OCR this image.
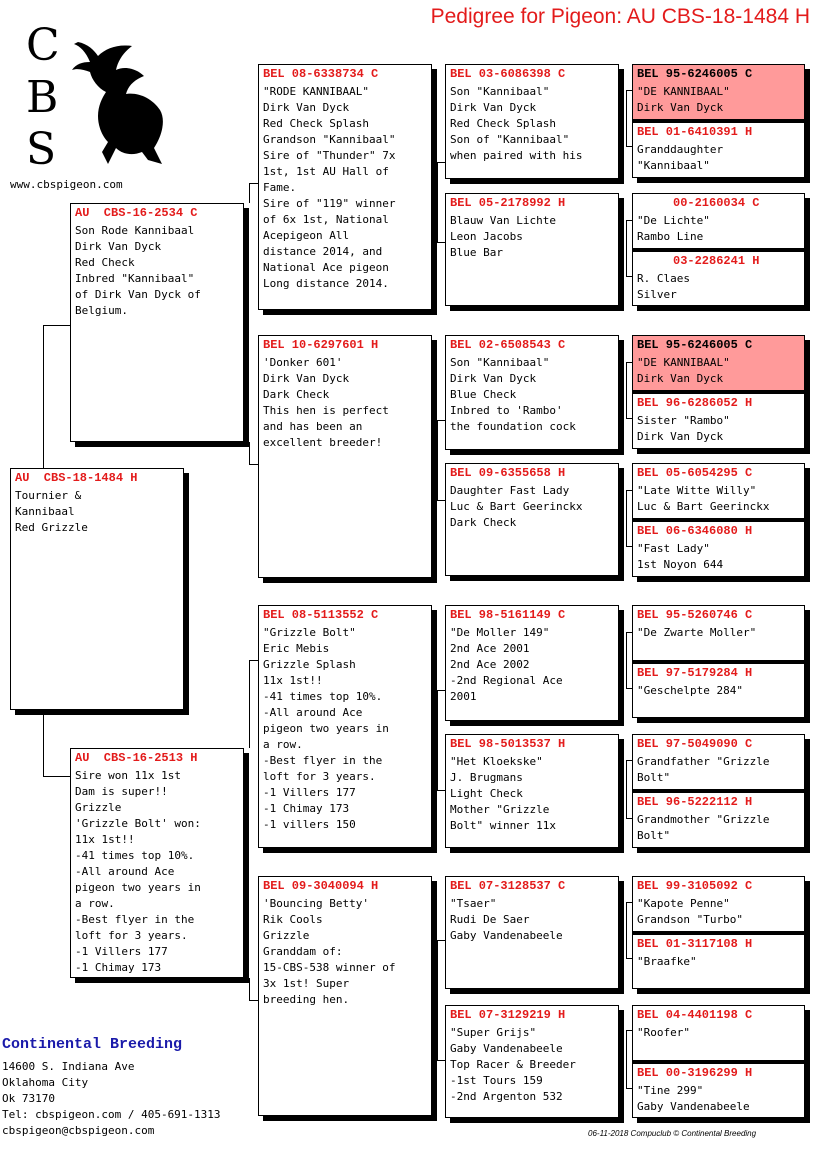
Pedigree for Pigeon: AU CBS-18-1484 H
C
B
S
www.cbspigeon.com
AU  CBS-18-1484 H
Tournier &
Kannibaal
Red Grizzle
AU  CBS-16-2534 C
Son Rode Kannibaal
Dirk Van Dyck
Red Check
Inbred "Kannibaal"
of Dirk Van Dyck of
Belgium.
AU  CBS-16-2513 H
Sire won 11x 1st
Dam is super!!
Grizzle
'Grizzle Bolt' won:
11x 1st!!
-41 times top 10%.
-All around Ace
pigeon two years in
a row.
-Best flyer in the
loft for 3 years.
-1 Villers 177
-1 Chimay 173
BEL 08-6338734 C
"RODE KANNIBAAL"
Dirk Van Dyck
Red Check Splash
Grandson "Kannibaal"
Sire of "Thunder" 7x
1st, 1st AU Hall of
Fame.
Sire of "119" winner
of 6x 1st, National
Acepigeon All
distance 2014, and
National Ace pigeon
Long distance 2014.
BEL 10-6297601 H
'Donker 601'
Dirk Van Dyck
Dark Check
This hen is perfect
and has been an
excellent breeder!
BEL 08-5113552 C
"Grizzle Bolt"
Eric Mebis
Grizzle Splash
11x 1st!!
-41 times top 10%.
-All around Ace
pigeon two years in
a row.
-Best flyer in the
loft for 3 years.
-1 Villers 177
-1 Chimay 173
-1 villers 150
BEL 09-3040094 H
'Bouncing Betty'
Rik Cools
Grizzle
Granddam of:
15-CBS-538 winner of
3x 1st! Super
breeding hen.
BEL 03-6086398 C
Son "Kannibaal"
Dirk Van Dyck
Red Check Splash
Son of "Kannibaal"
when paired with his
BEL 05-2178992 H
Blauw Van Lichte
Leon Jacobs
Blue Bar
BEL 02-6508543 C
Son "Kannibaal"
Dirk Van Dyck
Blue Check
Inbred to 'Rambo'
the foundation cock
BEL 09-6355658 H
Daughter Fast Lady
Luc & Bart Geerinckx
Dark Check
BEL 98-5161149 C
"De Moller 149"
2nd Ace 2001
2nd Ace 2002
-2nd Regional Ace
2001
BEL 98-5013537 H
"Het Kloekske"
J. Brugmans
Light Check
Mother "Grizzle
Bolt" winner 11x
BEL 07-3128537 C
"Tsaer"
Rudi De Saer
Gaby Vandenabeele
BEL 07-3129219 H
"Super Grijs"
Gaby Vandenabeele
Top Racer & Breeder
-1st Tours 159
-2nd Argenton 532
BEL 95-6246005 C
"DE KANNIBAAL"
Dirk Van Dyck
BEL 01-6410391 H
Granddaughter
"Kannibaal"
00-2160034 C
"De Lichte"
Rambo Line
03-2286241 H
R. Claes
Silver
BEL 95-6246005 C
"DE KANNIBAAL"
Dirk Van Dyck
BEL 96-6286052 H
Sister "Rambo"
Dirk Van Dyck
BEL 05-6054295 C
"Late Witte Willy"
Luc & Bart Geerinckx
BEL 06-6346080 H
"Fast Lady"
1st Noyon 644
BEL 95-5260746 C
"De Zwarte Moller"
BEL 97-5179284 H
"Geschelpte 284"
BEL 97-5049090 C
Grandfather "Grizzle
Bolt"
BEL 96-5222112 H
Grandmother "Grizzle
Bolt"
BEL 99-3105092 C
"Kapote Penne"
Grandson "Turbo"
BEL 01-3117108 H
"Braafke"
BEL 04-4401198 C
"Roofer"
BEL 00-3196299 H
"Tine 299"
Gaby Vandenabeele
Continental Breeding
14600 S. Indiana Ave
Oklahoma City
Ok 73170
Tel: cbspigeon.com / 405-691-1313
cbspigeon@cbspigeon.com	06-11-2018 Compuclub © Continental Breeding
